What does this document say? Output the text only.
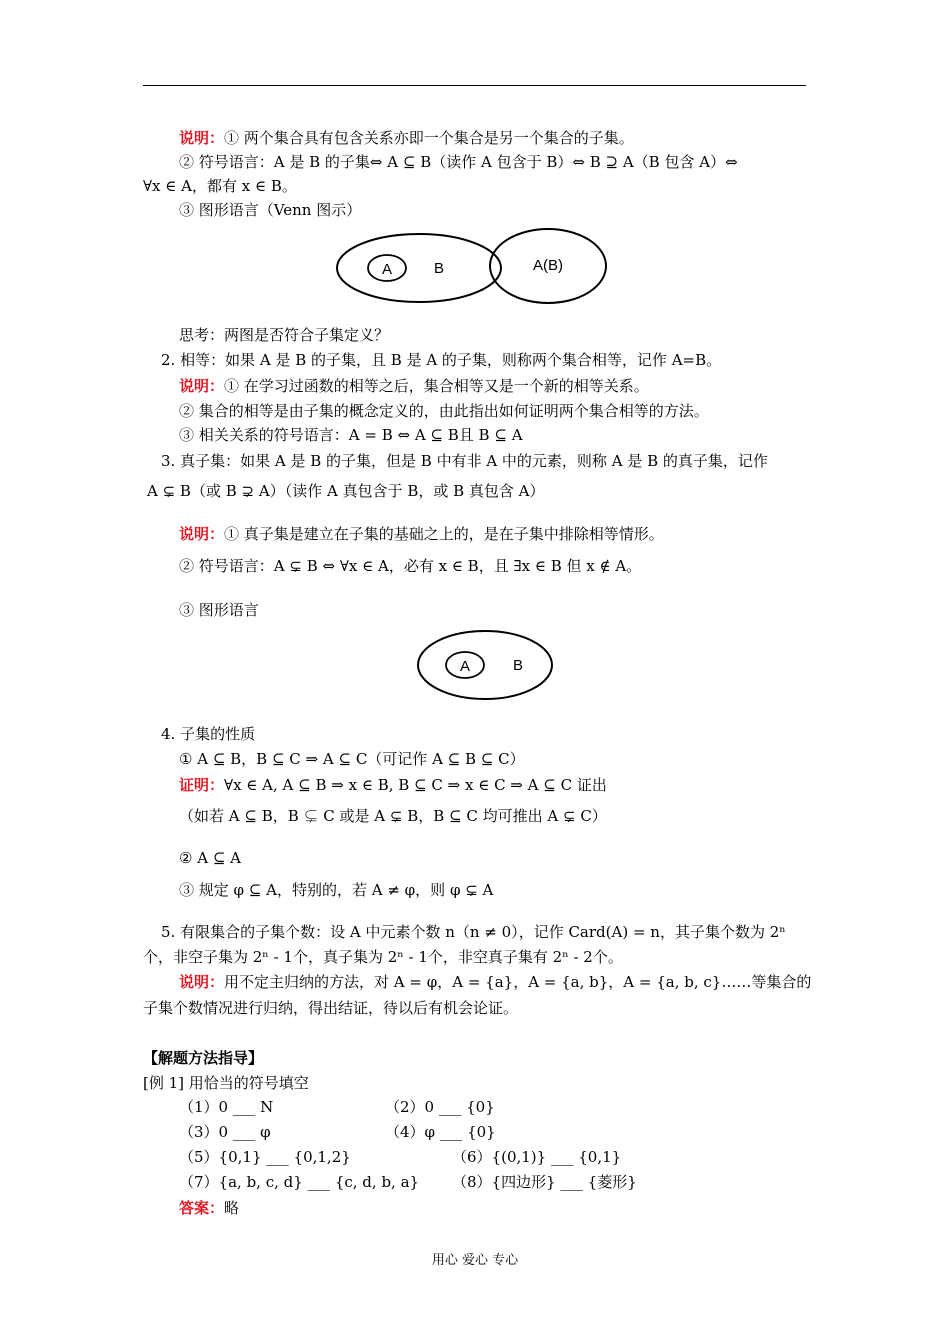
说明：① 两个集合具有包含关系亦即一个集合是另一个集合的子集。
② 符号语言：A 是 B 的子集⇔ A ⊆ B（读作 A 包含于 B）⇔ B ⊇ A（B 包含 A）⇔
∀x ∈ A，都有 x ∈ B。
③ 图形语言（Venn 图示）
A	B	A(B)
思考：两图是否符合子集定义？
2. 相等：如果 A 是 B 的子集，且 B 是 A 的子集，则称两个集合相等，记作 A=B。
说明：① 在学习过函数的相等之后，集合相等又是一个新的相等关系。
② 集合的相等是由子集的概念定义的，由此指出如何证明两个集合相等的方法。
③ 相关关系的符号语言：A = B ⇔ A ⊆ B且 B ⊆ A
3. 真子集：如果 A 是 B 的子集，但是 B 中有非 A 中的元素，则称 A 是 B 的真子集，记作
A ⊊ B（或 B ⊋ A）（读作 A 真包含于 B，或 B 真包含 A）
说明：① 真子集是建立在子集的基础之上的，是在子集中排除相等情形。
② 符号语言：A ⊊ B ⇔ ∀x ∈ A，必有 x ∈ B，且 ∃x ∈ B 但 x ∉ A。
③ 图形语言
A	B
4. 子集的性质
① A ⊆ B，B ⊆ C ⇒ A ⊆ C（可记作 A ⊆ B ⊆ C）
证明：∀x ∈ A, A ⊆ B ⇒ x ∈ B, B ⊆ C ⇒ x ∈ C ⇒ A ⊆ C 证出
（如若 A ⊆ B，B ⊊ C 或是 A ⊊ B，B ⊆ C 均可推出 A ⊊ C）
② A ⊆ A
③ 规定 φ ⊆ A，特别的，若 A ≠ φ，则 φ ⊊ A
5. 有限集合的子集个数：设 A 中元素个数 n（n ≠ 0），记作 Card(A) = n，其子集个数为 2ⁿ
个，非空子集为 2ⁿ - 1个，真子集为 2ⁿ - 1个，非空真子集有 2ⁿ - 2个。
说明：用不定主归纳的方法，对 A = φ，A = {a}，A = {a, b}，A = {a, b, c}……等集合的
子集个数情况进行归纳，得出结证，待以后有机会论证。
【解题方法指导】
[例 1] 用恰当的符号填空
（1）0 ___ N	（2）0 ___ {0}
（3）0 ___ φ	（4）φ ___ {0}
（5）{0,1} ___ {0,1,2}	（6）{(0,1)} ___ {0,1}
（7）{a, b, c, d} ___ {c, d, b, a} （8）{四边形} ___ {菱形}
答案：略
用心 爱心 专心
